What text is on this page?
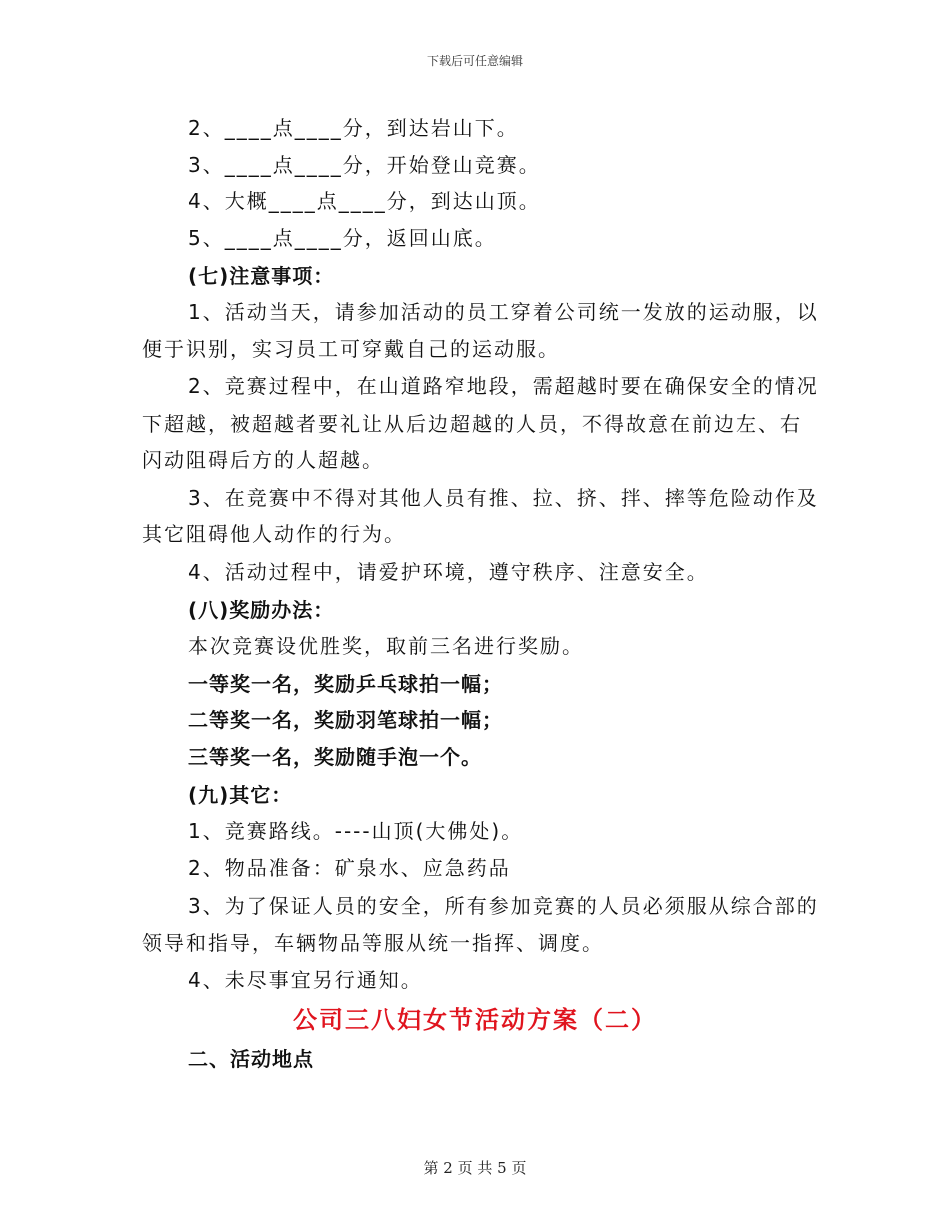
下载后可任意编辑
2、____点____分，到达岩山下。
3、____点____分，开始登山竞赛。
4、大概____点____分，到达山顶。
5、____点____分，返回山底。
(七)注意事项：
1、活动当天，请参加活动的员工穿着公司统一发放的运动服，以
便于识别，实习员工可穿戴自己的运动服。
2、竞赛过程中，在山道路窄地段，需超越时要在确保安全的情况
下超越，被超越者要礼让从后边超越的人员，不得故意在前边左、右
闪动阻碍后方的人超越。
3、在竞赛中不得对其他人员有推、拉、挤、拌、摔等危险动作及
其它阻碍他人动作的行为。
4、活动过程中，请爱护环境，遵守秩序、注意安全。
(八)奖励办法：
本次竞赛设优胜奖，取前三名进行奖励。
一等奖一名，奖励乒乓球拍一幅；
二等奖一名，奖励羽笔球拍一幅；
三等奖一名，奖励随手泡一个。
(九)其它：
1、竞赛路线。----山顶(大佛处)。
2、物品准备：矿泉水、应急药品
3、为了保证人员的安全，所有参加竞赛的人员必须服从综合部的
领导和指导，车辆物品等服从统一指挥、调度。
4、未尽事宜另行通知。
公司三八妇女节活动方案（二）
二、活动地点
第 2 页 共 5 页
